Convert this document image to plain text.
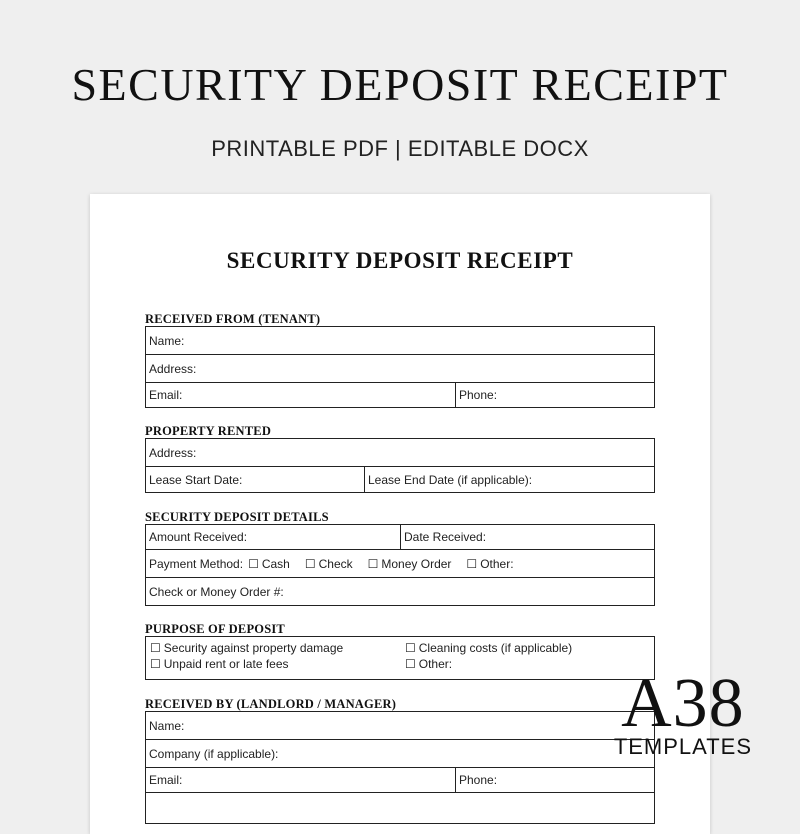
SECURITY DEPOSIT RECEIPT
PRINTABLE PDF | EDITABLE DOCX
SECURITY DEPOSIT RECEIPT
RECEIVED FROM (TENANT)
Name:
Address:
Email:	Phone:
PROPERTY RENTED
Address:
Lease Start Date:	Lease End Date (if applicable):
SECURITY DEPOSIT DETAILS
Amount Received:	Date Received:
Payment Method: ☐ Cash ☐ Check ☐ Money Order ☐ Other:
Check or Money Order #:
PURPOSE OF DEPOSIT
☐ Security against property damage	☐ Cleaning costs (if applicable)
☐ Unpaid rent or late fees	☐ Other:
RECEIVED BY (LANDLORD / MANAGER)
Name:
Company (if applicable):
Email:	Phone:
A38
TEMPLATES
